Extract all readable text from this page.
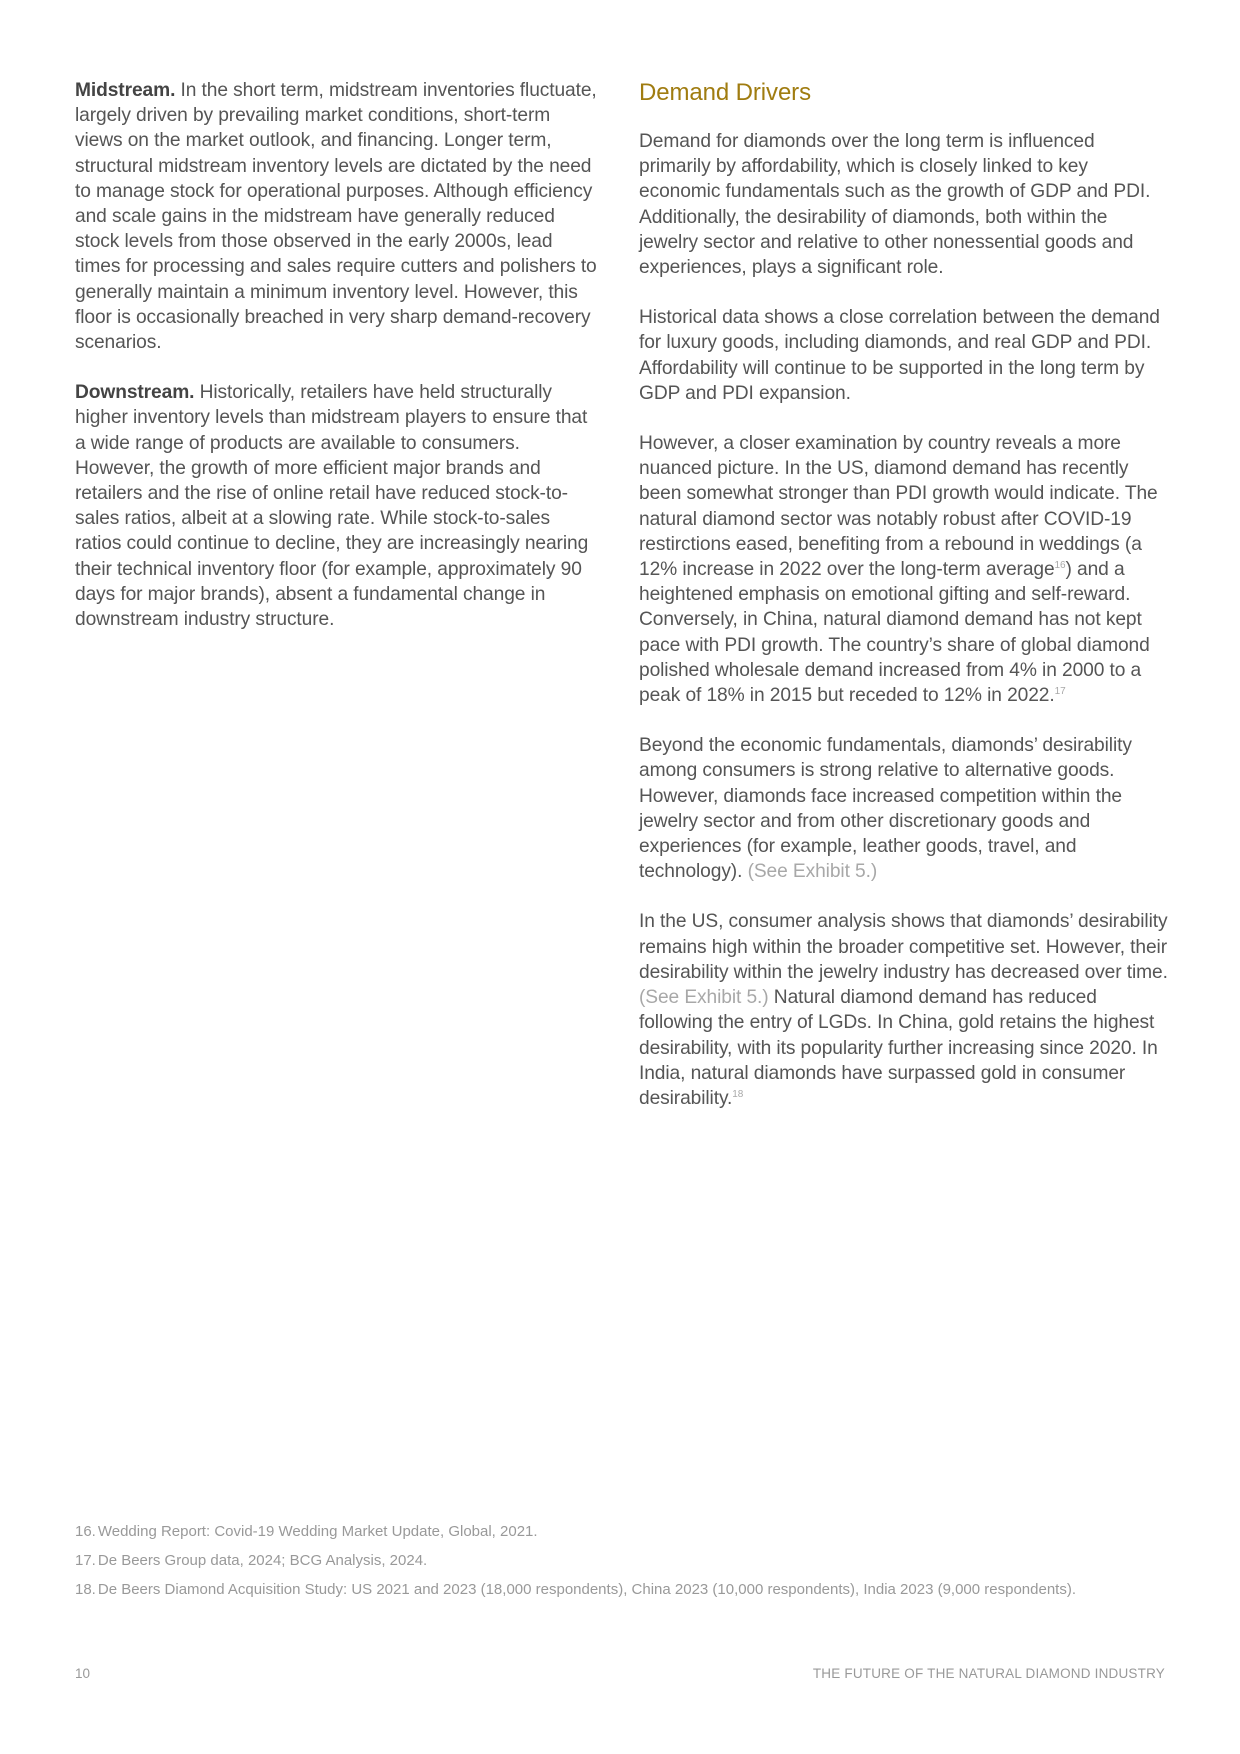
Midstream. In the short term, midstream inventories fluctuate, largely driven by prevailing market conditions, short-term views on the market outlook, and financing. Longer term, structural midstream inventory levels are dictated by the need to manage stock for operational purposes. Although efficiency and scale gains in the midstream have generally reduced stock levels from those observed in the early 2000s, lead times for processing and sales require cutters and polishers to generally maintain a minimum inventory level. However, this floor is occasionally breached in very sharp demand-recovery scenarios.

Downstream. Historically, retailers have held structurally higher inventory levels than midstream players to ensure that a wide range of products are available to consumers. However, the growth of more efficient major brands and retailers and the rise of online retail have reduced stock-to-sales ratios, albeit at a slowing rate. While stock-to-sales ratios could continue to decline, they are increasingly nearing their technical inventory floor (for example, approximately 90 days for major brands), absent a fundamental change in downstream industry structure.

Demand Drivers

Demand for diamonds over the long term is influenced primarily by affordability, which is closely linked to key economic fundamentals such as the growth of GDP and PDI. Additionally, the desirability of diamonds, both within the jewelry sector and relative to other nonessential goods and experiences, plays a significant role.

Historical data shows a close correlation between the demand for luxury goods, including diamonds, and real GDP and PDI. Affordability will continue to be supported in the long term by GDP and PDI expansion.

However, a closer examination by country reveals a more nuanced picture. In the US, diamond demand has recently been somewhat stronger than PDI growth would indicate. The natural diamond sector was notably robust after COVID-19 restirctions eased, benefiting from a rebound in weddings (a 12% increase in 2022 over the long-term average$^{16}$) and a heightened emphasis on emotional gifting and self-reward. Conversely, in China, natural diamond demand has not kept pace with PDI growth. The country’s share of global diamond polished wholesale demand increased from 4% in 2000 to a peak of 18% in 2015 but receded to 12% in 2022.17

Beyond the economic fundamentals, diamonds’ desirability among consumers is strong relative to alternative goods. However, diamonds face increased competition within the jewelry sector and from other discretionary goods and experiences (for example, leather goods, travel, and technology). (See Exhibit 5.)

In the US, consumer analysis shows that diamonds’ desirability remains high within the broader competitive set. However, their desirability within the jewelry industry has decreased over time. (See Exhibit 5.) Natural diamond demand has reduced following the entry of LGDs. In China, gold retains the highest desirability, with its popularity further increasing since 2020. In India, natural diamonds have surpassed gold in consumer desirability.$^{18}$

16. Wedding Report: Covid-19 Wedding Market Update, Global, 2021.
17. De Beers Group data, 2024; BCG Analysis, 2024.
18. De Beers Diamond Acquisition Study: US 2021 and 2023 (18,000 respondents), China 2023 (10,000 respondents), India 2023 (9,000 respondents).
10	THE FUTURE OF THE NATURAL DIAMOND INDUSTRY
